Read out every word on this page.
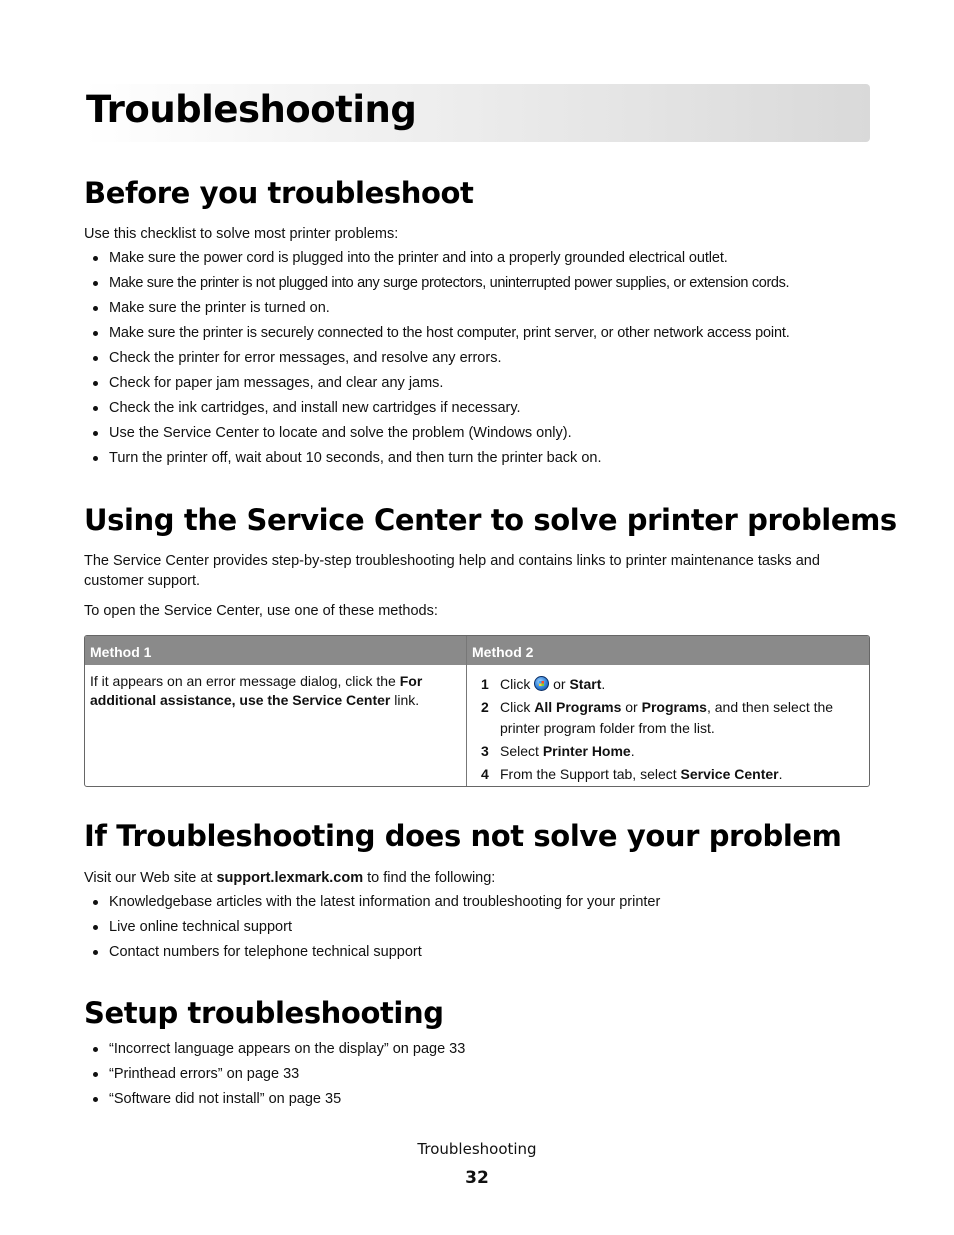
Troubleshooting
Before you troubleshoot

Use this checklist to solve most printer problems:

Make sure the power cord is plugged into the printer and into a properly grounded electrical outlet.
Make sure the printer is not plugged into any surge protectors, uninterrupted power supplies, or extension cords.
Make sure the printer is turned on.
Make sure the printer is securely connected to the host computer, print server, or other network access point.
Check the printer for error messages, and resolve any errors.
Check for paper jam messages, and clear any jams.
Check the ink cartridges, and install new cartridges if necessary.
Use the Service Center to locate and solve the problem (Windows only).
Turn the printer off, wait about 10 seconds, and then turn the printer back on.
Using the Service Center to solve printer problems

The Service Center provides step-by-step troubleshooting help and contains links to printer maintenance tasks and customer support.

To open the Service Center, use one of these methods:

Method 1	Method 2
If it appears on an error message dialog, click the For additional assistance, use the Service Center link.
1 Click  or Start.
2 Click All Programs or Programs, and then select the printer program folder from the list.
3 Select Printer Home.
4 From the Support tab, select Service Center.
If Troubleshooting does not solve your problem

Visit our Web site at support.lexmark.com to find the following:

Knowledgebase articles with the latest information and troubleshooting for your printer
Live online technical support
Contact numbers for telephone technical support
Setup troubleshooting
“Incorrect language appears on the display” on page 33
“Printhead errors” on page 33
“Software did not install” on page 35
Troubleshooting
32
